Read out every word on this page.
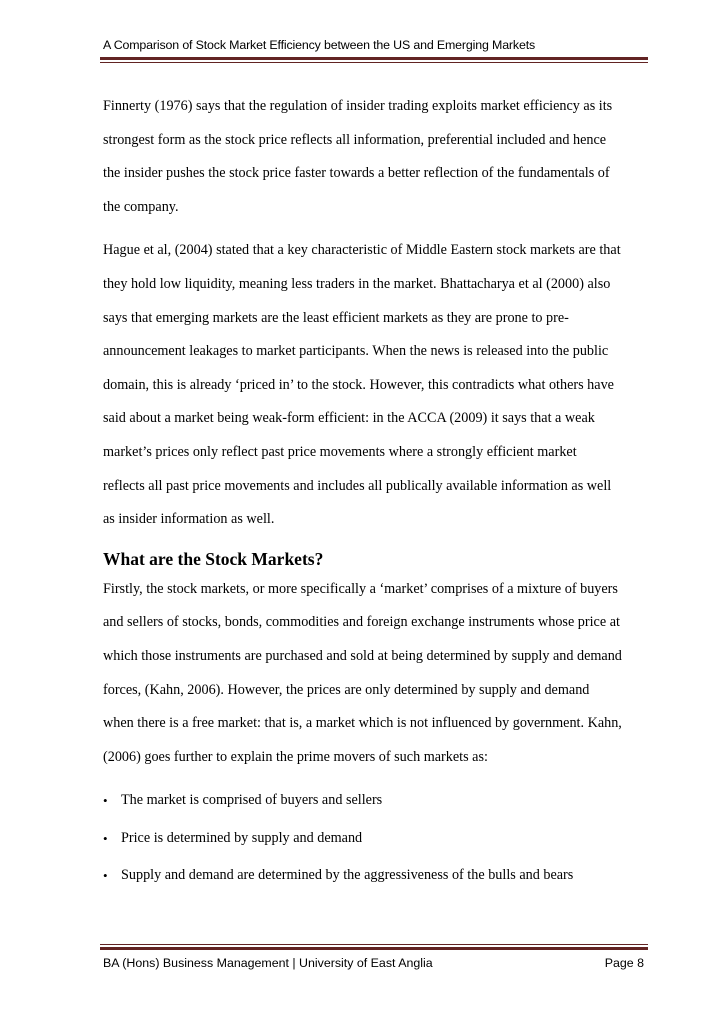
A Comparison of Stock Market Efficiency between the US and Emerging Markets

Finnerty (1976) says that the regulation of insider trading exploits market efficiency as its
strongest form as the stock price reflects all information, preferential included and hence
the insider pushes the stock price faster towards a better reflection of the fundamentals of
the company.

Hague et al, (2004) stated that a key characteristic of Middle Eastern stock markets are that
they hold low liquidity, meaning less traders in the market. Bhattacharya et al (2000) also
says that emerging markets are the least efficient markets as they are prone to pre-
announcement leakages to market participants. When the news is released into the public
domain, this is already ‘priced in’ to the stock. However, this contradicts what others have
said about a market being weak-form efficient: in the ACCA (2009) it says that a weak
market’s prices only reflect past price movements where a strongly efficient market
reflects all past price movements and includes all publically available information as well
as insider information as well.

What are the Stock Markets?

Firstly, the stock markets, or more specifically a ‘market’ comprises of a mixture of buyers
and sellers of stocks, bonds, commodities and foreign exchange instruments whose price at
which those instruments are purchased and sold at being determined by supply and demand
forces, (Kahn, 2006). However, the prices are only determined by supply and demand
when there is a free market: that is, a market which is not influenced by government. Kahn,
(2006) goes further to explain the prime movers of such markets as:

• The market is comprised of buyers and sellers
• Price is determined by supply and demand
• Supply and demand are determined by the aggressiveness of the bulls and bears
BA (Hons) Business Management | University of East Anglia	Page 8
